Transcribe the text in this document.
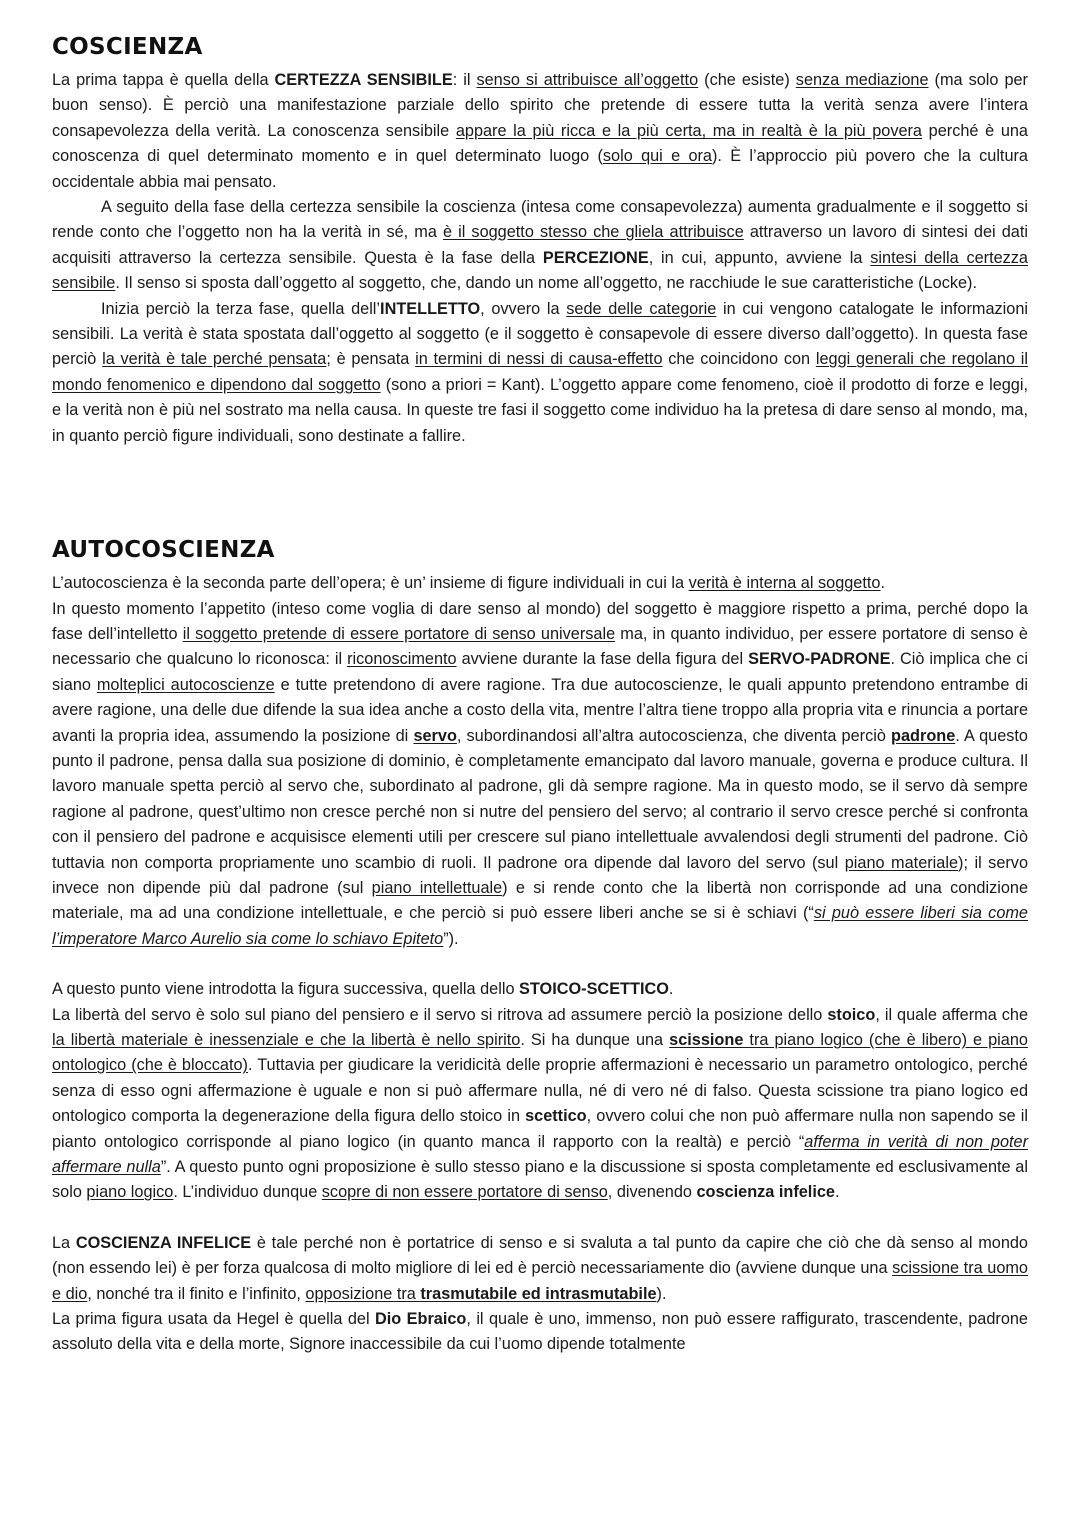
COSCIENZA

La prima tappa è quella della CERTEZZA SENSIBILE: il senso si attribuisce all’oggetto (che esiste) senza mediazione (ma solo per buon senso). È perciò una manifestazione parziale dello spirito che pretende di essere tutta la verità senza avere l’intera consapevolezza della verità. La conoscenza sensibile appare la più ricca e la più certa, ma in realtà è la più povera perché è una conoscenza di quel determinato momento e in quel determinato luogo (solo qui e ora). È l’approccio più povero che la cultura occidentale abbia mai pensato.

A seguito della fase della certezza sensibile la coscienza (intesa come consapevolezza) aumenta gradualmente e il soggetto si rende conto che l’oggetto non ha la verità in sé, ma è il soggetto stesso che gliela attribuisce attraverso un lavoro di sintesi dei dati acquisiti attraverso la certezza sensibile. Questa è la fase della PERCEZIONE, in cui, appunto, avviene la sintesi della certezza sensibile. Il senso si sposta dall’oggetto al soggetto, che, dando un nome all’oggetto, ne racchiude le sue caratteristiche (Locke).

Inizia perciò la terza fase, quella dell’INTELLETTO, ovvero la sede delle categorie in cui vengono catalogate le informazioni sensibili. La verità è stata spostata dall’oggetto al soggetto (e il soggetto è consapevole di essere diverso dall’oggetto). In questa fase perciò la verità è tale perché pensata; è pensata in termini di nessi di causa-effetto che coincidono con leggi generali che regolano il mondo fenomenico e dipendono dal soggetto (sono a priori = Kant). L’oggetto appare come fenomeno, cioè il prodotto di forze e leggi, e la verità non è più nel sostrato ma nella causa. In queste tre fasi il soggetto come individuo ha la pretesa di dare senso al mondo, ma, in quanto perciò figure individuali, sono destinate a fallire.

AUTOCOSCIENZA

L’autocoscienza è la seconda parte dell’opera; è un’ insieme di figure individuali in cui la verità è interna al soggetto.
In questo momento l’appetito (inteso come voglia di dare senso al mondo) del soggetto è maggiore rispetto a prima, perché dopo la fase dell’intelletto il soggetto pretende di essere portatore di senso universale ma, in quanto individuo, per essere portatore di senso è necessario che qualcuno lo riconosca: il riconoscimento avviene durante la fase della figura del SERVO-PADRONE. Ciò implica che ci siano molteplici autocoscienze e tutte pretendono di avere ragione. Tra due autocoscienze, le quali appunto pretendono entrambe di avere ragione, una delle due difende la sua idea anche a costo della vita, mentre l’altra tiene troppo alla propria vita e rinuncia a portare avanti la propria idea, assumendo la posizione di servo, subordinandosi all’altra autocoscienza, che diventa perciò padrone. A questo punto il padrone, pensa dalla sua posizione di dominio, è completamente emancipato dal lavoro manuale, governa e produce cultura. Il lavoro manuale spetta perciò al servo che, subordinato al padrone, gli dà sempre ragione. Ma in questo modo, se il servo dà sempre ragione al padrone, quest’ultimo non cresce perché non si nutre del pensiero del servo; al contrario il servo cresce perché si confronta con il pensiero del padrone e acquisisce elementi utili per crescere sul piano intellettuale avvalendosi degli strumenti del padrone. Ciò tuttavia non comporta propriamente uno scambio di ruoli. Il padrone ora dipende dal lavoro del servo (sul piano materiale); il servo invece non dipende più dal padrone (sul piano intellettuale) e si rende conto che la libertà non corrisponde ad una condizione materiale, ma ad una condizione intellettuale, e che perciò si può essere liberi anche se si è schiavi (“si può essere liberi sia come l’imperatore Marco Aurelio sia come lo schiavo Epiteto”).

A questo punto viene introdotta la figura successiva, quella dello STOICO-SCETTICO.
La libertà del servo è solo sul piano del pensiero e il servo si ritrova ad assumere perciò la posizione dello stoico, il quale afferma che la libertà materiale è inessenziale e che la libertà è nello spirito. Si ha dunque una scissione tra piano logico (che è libero) e piano ontologico (che è bloccato). Tuttavia per giudicare la veridicità delle proprie affermazioni è necessario un parametro ontologico, perché senza di esso ogni affermazione è uguale e non si può affermare nulla, né di vero né di falso. Questa scissione tra piano logico ed ontologico comporta la degenerazione della figura dello stoico in scettico, ovvero colui che non può affermare nulla non sapendo se il pianto ontologico corrisponde al piano logico (in quanto manca il rapporto con la realtà) e perciò “afferma in verità di non poter affermare nulla”. A questo punto ogni proposizione è sullo stesso piano e la discussione si sposta completamente ed esclusivamente al solo piano logico. L’individuo dunque scopre di non essere portatore di senso, divenendo coscienza infelice.

La COSCIENZA INFELICE è tale perché non è portatrice di senso e si svaluta a tal punto da capire che ciò che dà senso al mondo (non essendo lei) è per forza qualcosa di molto migliore di lei ed è perciò necessariamente dio (avviene dunque una scissione tra uomo e dio, nonché tra il finito e l’infinito, opposizione tra trasmutabile ed intrasmutabile).
La prima figura usata da Hegel è quella del Dio Ebraico, il quale è uno, immenso, non può essere raffigurato, trascendente, padrone assoluto della vita e della morte, Signore inaccessibile da cui l’uomo dipende totalmente
